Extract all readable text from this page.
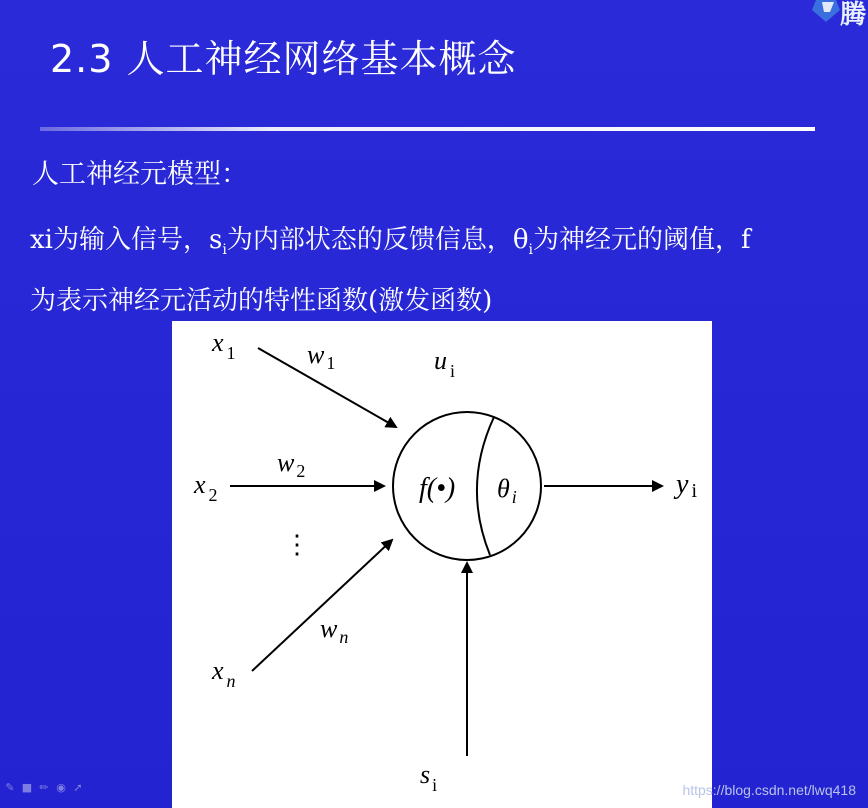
腾
2.3 人工神经网络基本概念
人工神经元模型：
xi为输入信号，$s_i$为内部状态的反馈信息，$\theta_i$为神经元的阈值，f
为表示神经元活动的特性函数(激发函数)
x $_1$
x $_2$
x $_n$
w $_1$
w $_2$
w $_n$
⋮
u $_i$
f(•) θ $_i$	y i
s $_i$
✎ ■ ✏ ◉ ➚	https://blog.csdn.net/lwq418
